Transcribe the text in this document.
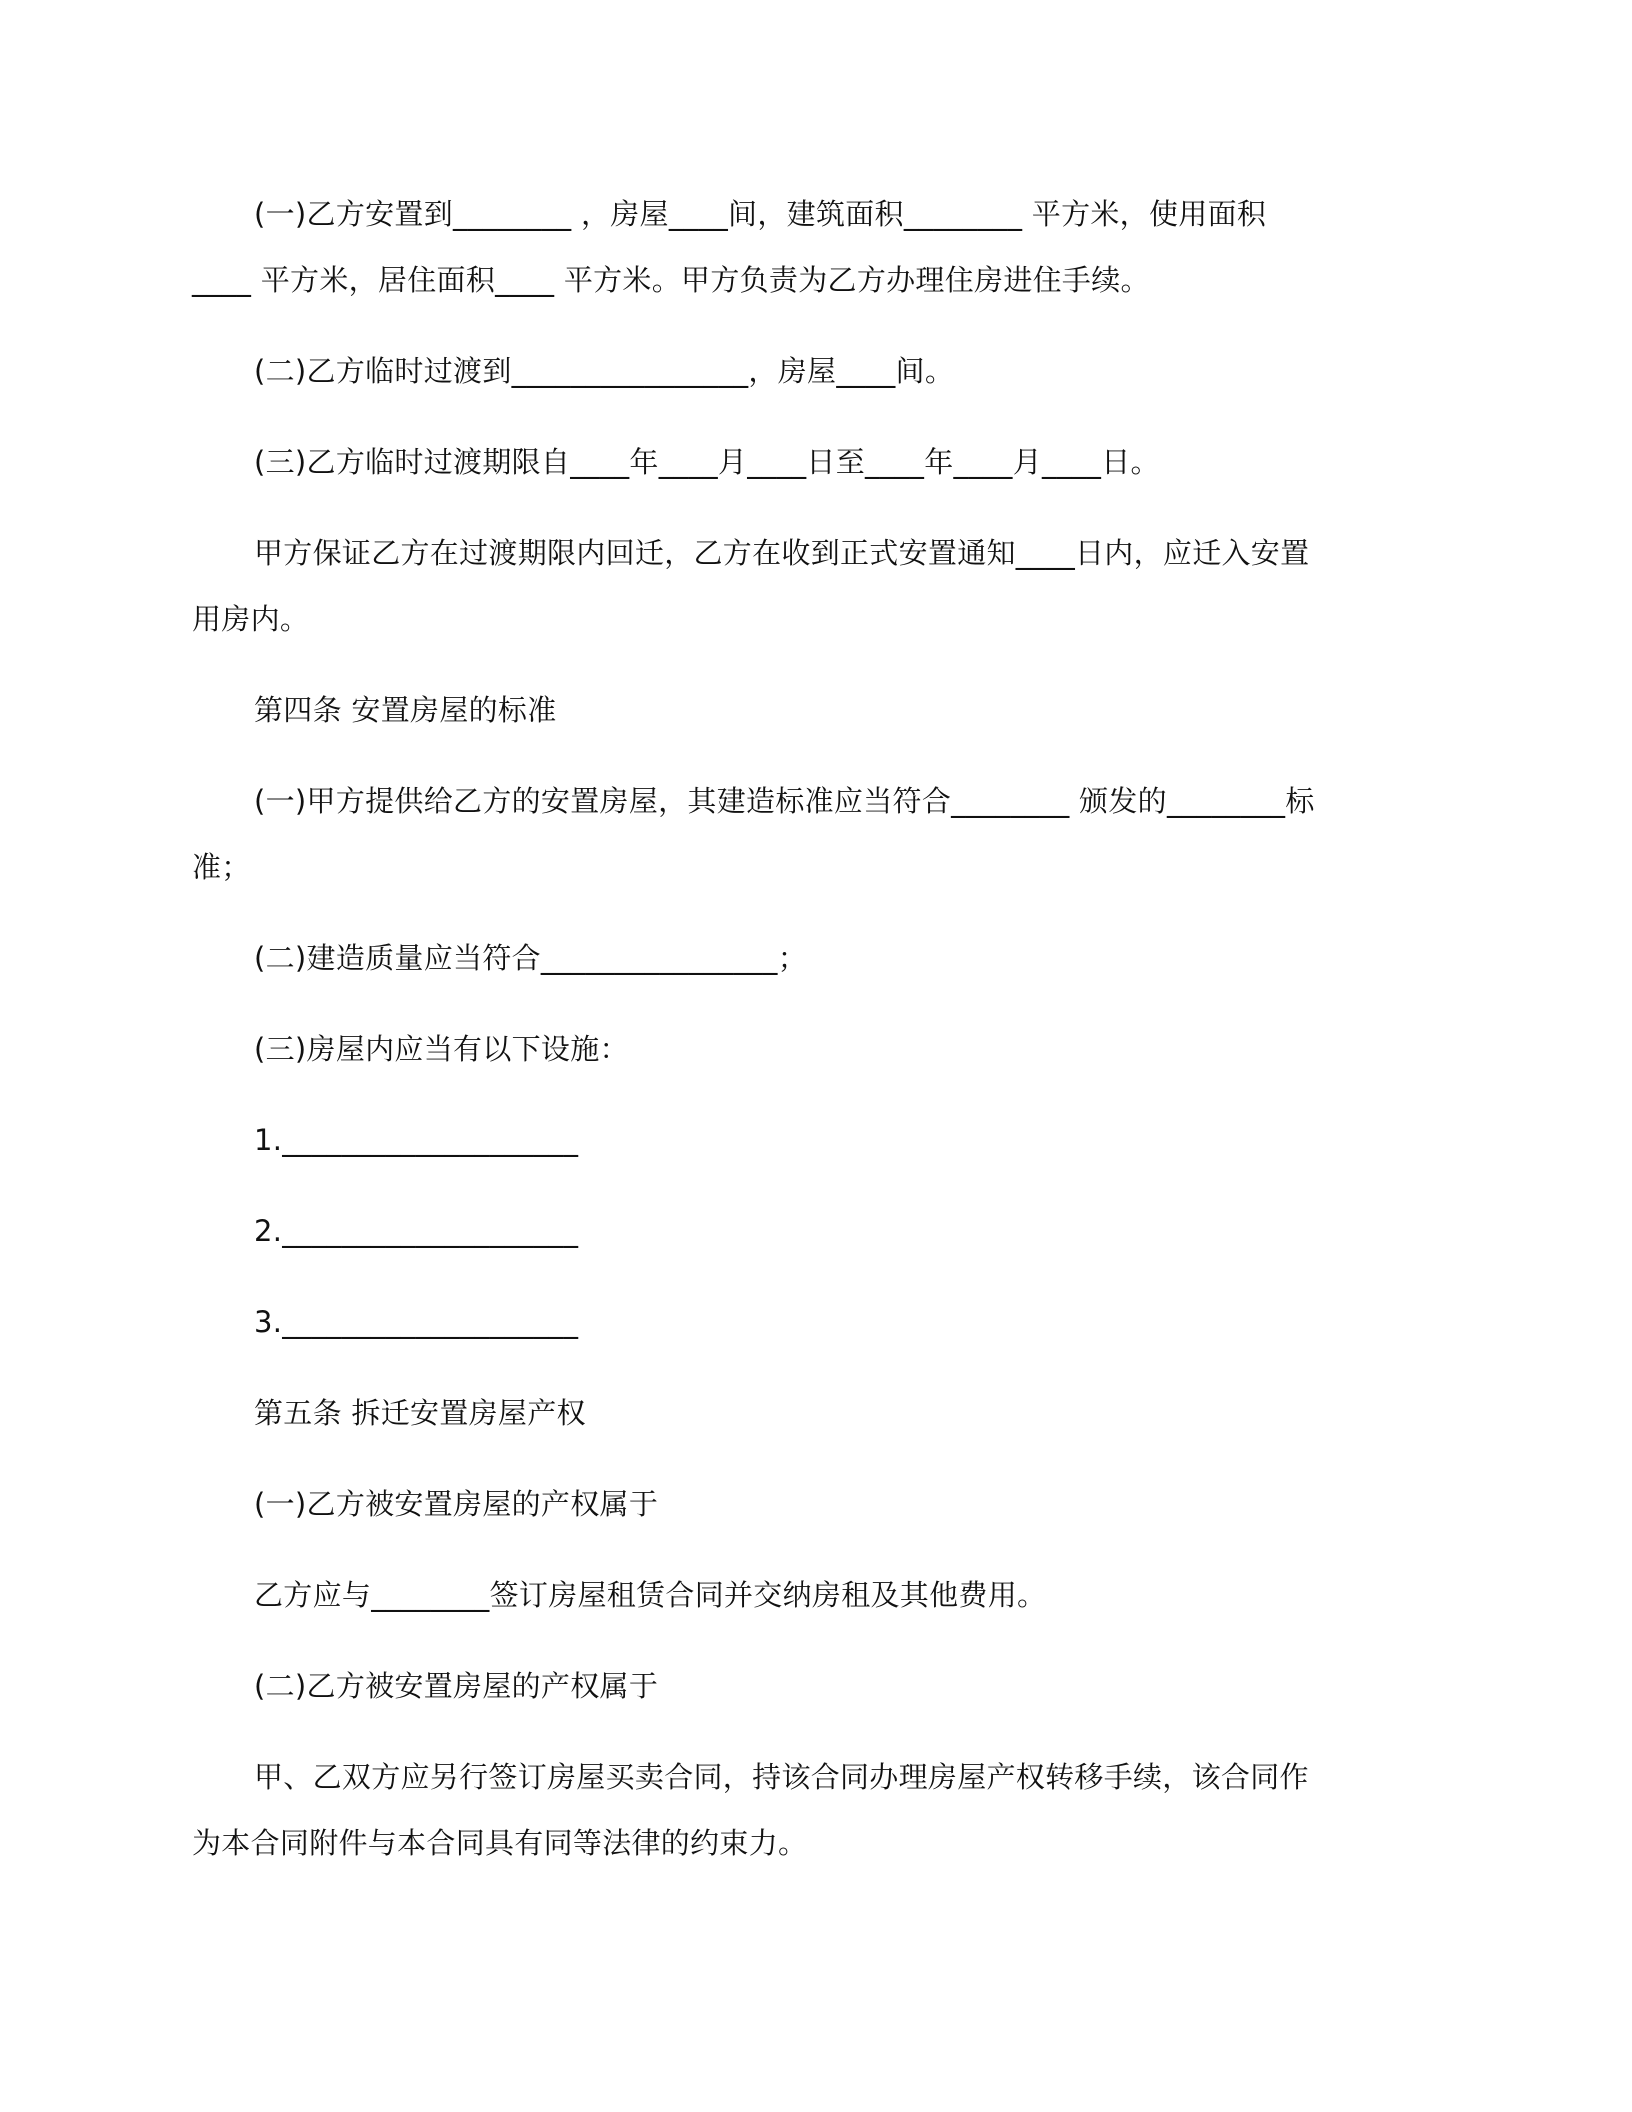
(一)乙方安置到________ ，房屋____间，建筑面积________ 平方米，使用面积

____ 平方米，居住面积____ 平方米。甲方负责为乙方办理住房进住手续。

(二)乙方临时过渡到________________，房屋____间。

(三)乙方临时过渡期限自____年____月____日至____年____月____日。

甲方保证乙方在过渡期限内回迁，乙方在收到正式安置通知____日内，应迁入安置

用房内。

第四条 安置房屋的标准

(一)甲方提供给乙方的安置房屋，其建造标准应当符合________ 颁发的________标

准；

(二)建造质量应当符合________________；

(三)房屋内应当有以下设施：

1.____________________

2.____________________

3.____________________

第五条 拆迁安置房屋产权

(一)乙方被安置房屋的产权属于

乙方应与________签订房屋租赁合同并交纳房租及其他费用。

(二)乙方被安置房屋的产权属于

甲、乙双方应另行签订房屋买卖合同，持该合同办理房屋产权转移手续，该合同作

为本合同附件与本合同具有同等法律的约束力。
